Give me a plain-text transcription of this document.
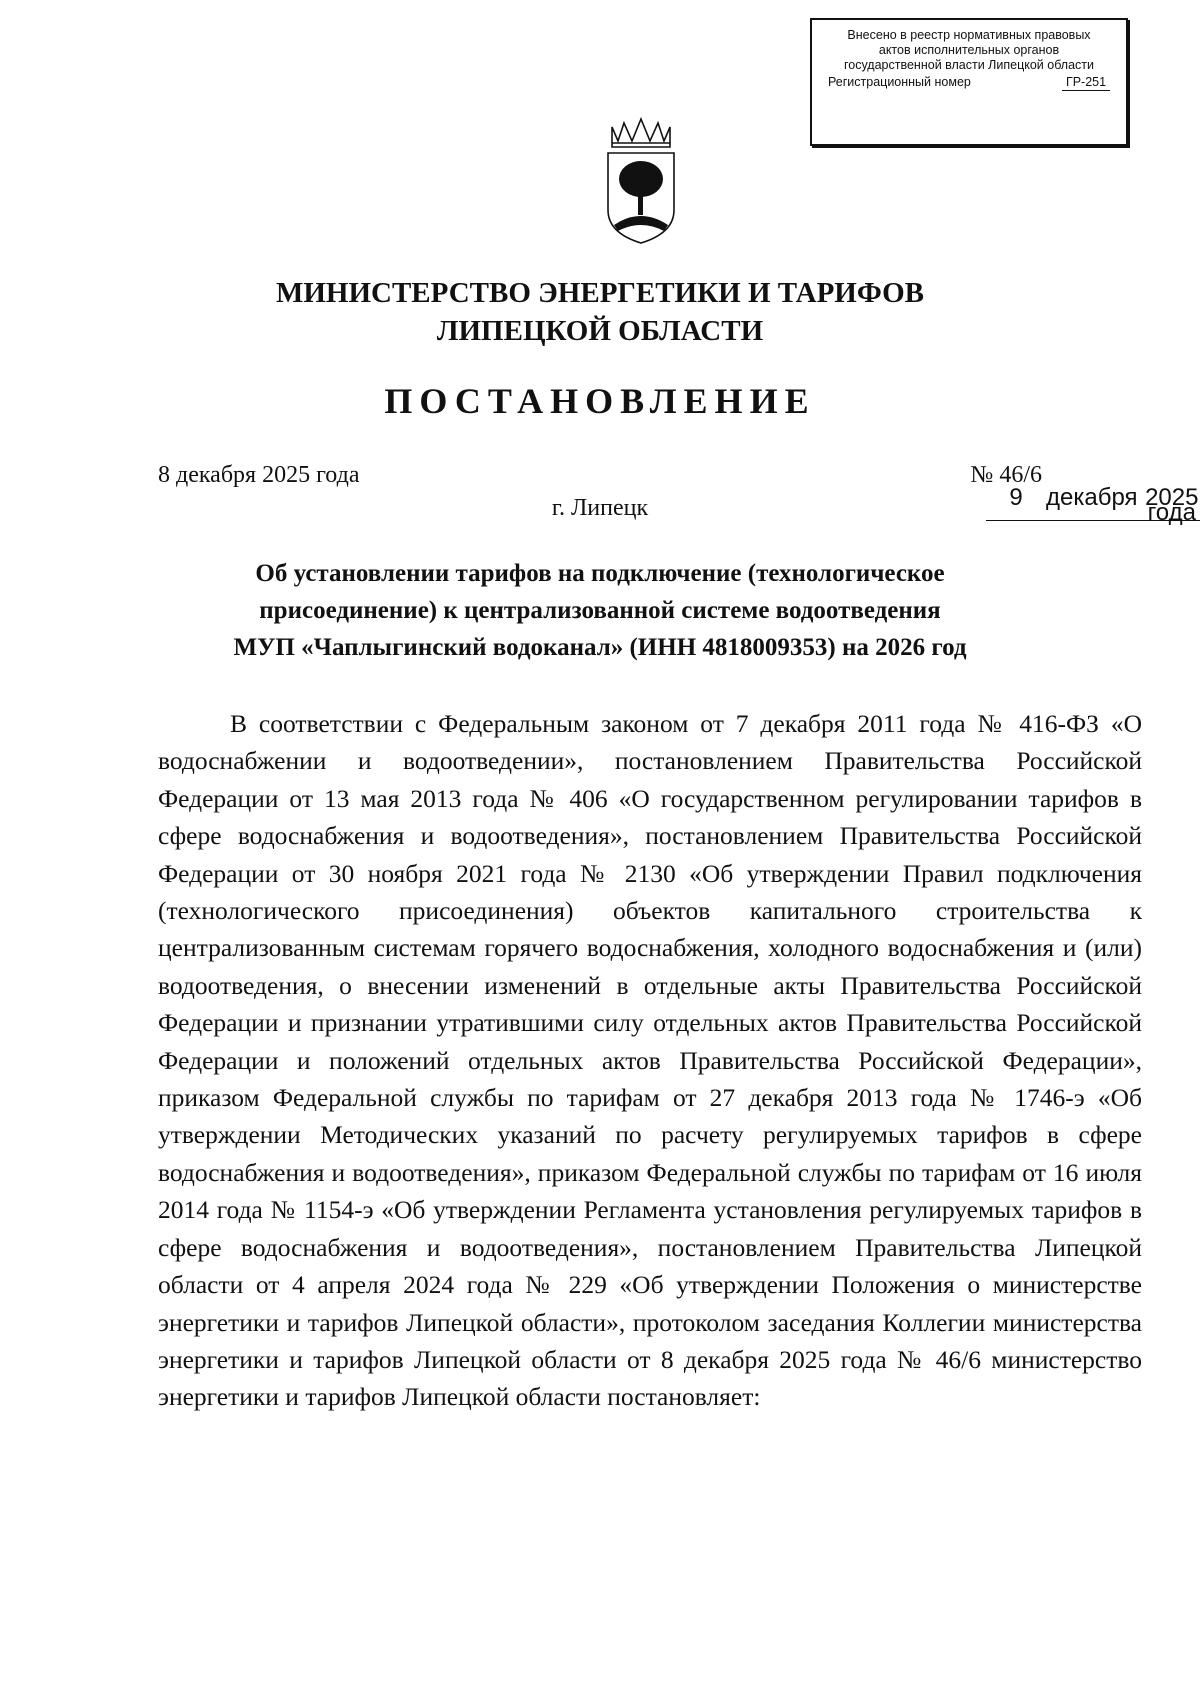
Внесено в реестр нормативных правовых
актов исполнительных органов
государственной власти Липецкой области
Регистрационный номер	ГР-251
9 декабря 2025 года
МИНИСТЕРСТВО ЭНЕРГЕТИКИ И ТАРИФОВ
ЛИПЕЦКОЙ ОБЛАСТИ
ПОСТАНОВЛЕНИЕ
8 декабря 2025 года	№ 46/6
г. Липецк
Об установлении тарифов на подключение (технологическое
присоединение) к централизованной системе водоотведения
МУП «Чаплыгинский водоканал» (ИНН 4818009353) на 2026 год

В соответствии с Федеральным законом от 7 декабря 2011 года № 416-ФЗ «О водоснабжении и водоотведении», постановлением Правительства Российской Федерации от 13 мая 2013 года № 406 «О государственном регулировании тарифов в сфере водоснабжения и водоотведения», постановлением Правительства Российской Федерации от 30 ноября 2021 года № 2130 «Об утверждении Правил подключения (технологического присоединения) объектов капитального строительства к централизованным системам горячего водоснабжения, холодного водоснабжения и (или) водоотведения, о внесении изменений в отдельные акты Правительства Российской Федерации и признании утратившими силу отдельных актов Правительства Российской Федерации и положений отдельных актов Правительства Российской Федерации», приказом Федеральной службы по тарифам от 27 декабря 2013 года № 1746-э «Об утверждении Методических указаний по расчету регулируемых тарифов в сфере водоснабжения и водоотведения», приказом Федеральной службы по тарифам от 16 июля 2014 года № 1154-э «Об утверждении Регламента установления регулируемых тарифов в сфере водоснабжения и водоотведения», постановлением Правительства Липецкой области от 4 апреля 2024 года № 229 «Об утверждении Положения о министерстве энергетики и тарифов Липецкой области», протоколом заседания Коллегии министерства энергетики и тарифов Липецкой области от 8 декабря 2025 года № 46/6 министерство энергетики и тарифов Липецкой области постановляет:
